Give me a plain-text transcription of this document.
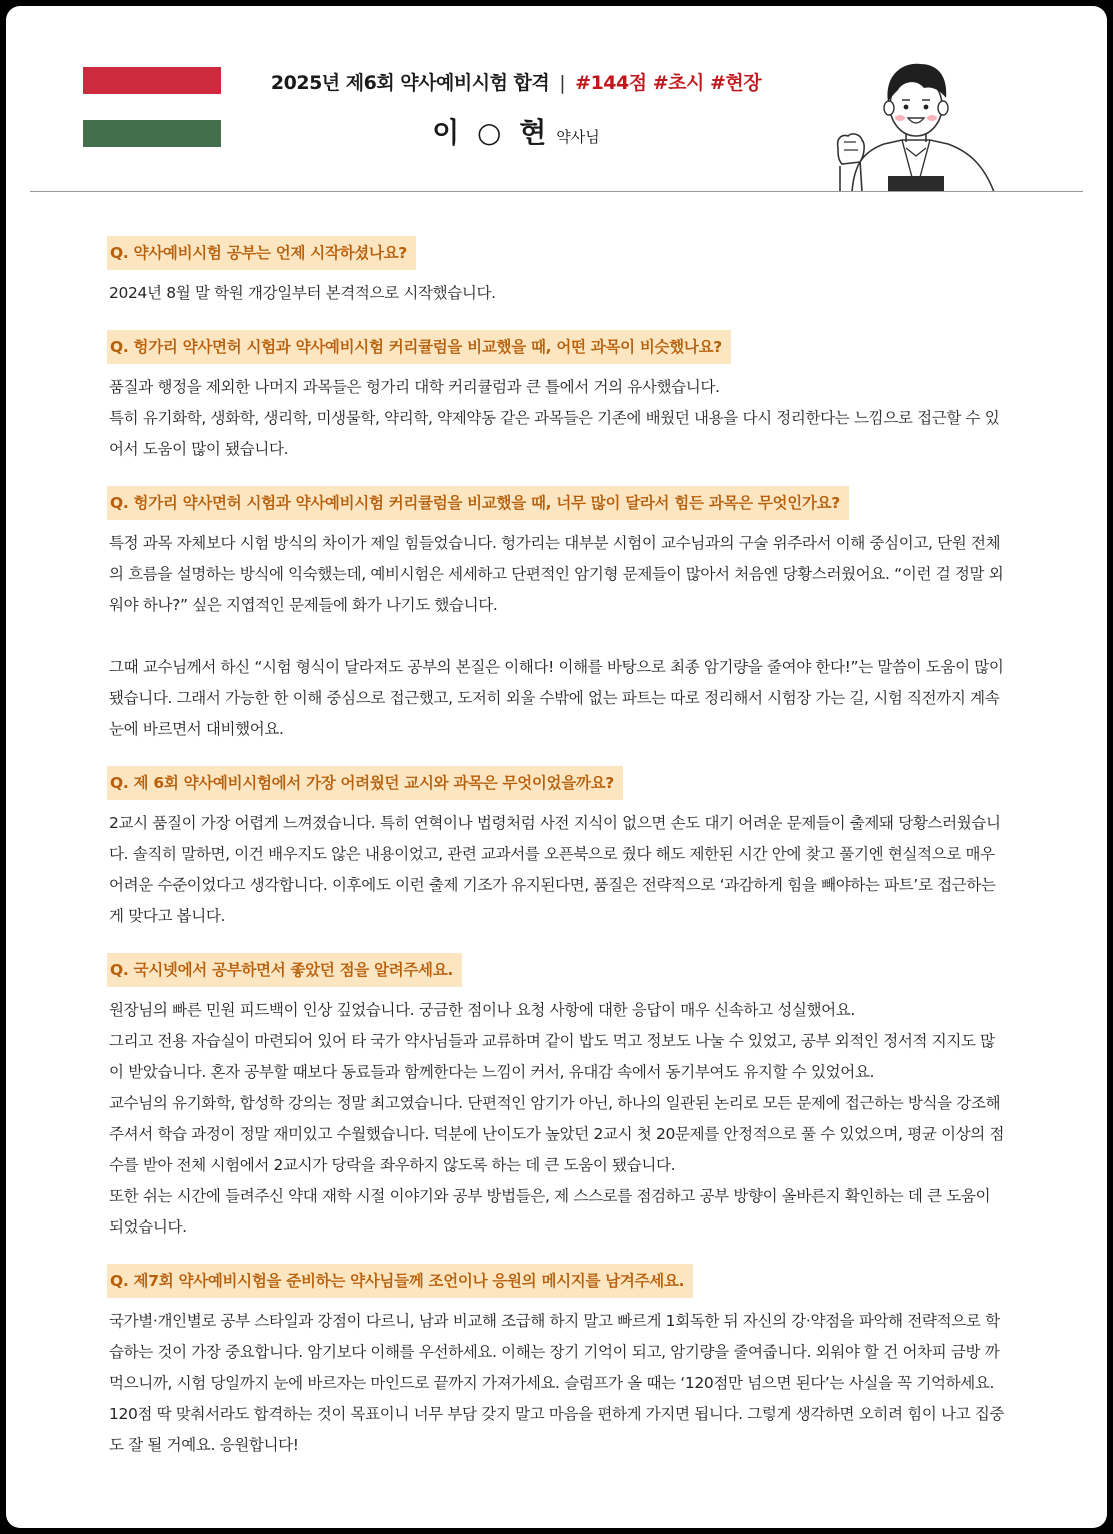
2025년 제6회 약사예비시험 합격 | #144점 #초시 #현장
이 ○ 현 약사님
Q. 약사예비시험 공부는 언제 시작하셨나요?

2024년 8월 말 학원 개강일부터 본격적으로 시작했습니다.

Q. 헝가리 약사면허 시험과 약사예비시험 커리큘럼을 비교했을 때, 어떤 과목이 비슷했나요?

품질과 행정을 제외한 나머지 과목들은 헝가리 대학 커리큘럼과 큰 틀에서 거의 유사했습니다.

특히 유기화학, 생화학, 생리학, 미생물학, 약리학, 약제약동 같은 과목들은 기존에 배웠던 내용을 다시 정리한다는 느낌으로 접근할 수 있어서 도움이 많이 됐습니다.

Q. 헝가리 약사면허 시험과 약사예비시험 커리큘럼을 비교했을 때, 너무 많이 달라서 힘든 과목은 무엇인가요?

특정 과목 자체보다 시험 방식의 차이가 제일 힘들었습니다. 헝가리는 대부분 시험이 교수님과의 구술 위주라서 이해 중심이고, 단원 전체의 흐름을 설명하는 방식에 익숙했는데, 예비시험은 세세하고 단편적인 암기형 문제들이 많아서 처음엔 당황스러웠어요. “이런 걸 정말 외워야 하나?” 싶은 지엽적인 문제들에 화가 나기도 했습니다.

그때 교수님께서 하신 “시험 형식이 달라져도 공부의 본질은 이해다! 이해를 바탕으로 최종 암기량을 줄여야 한다!”는 말씀이 도움이 많이 됐습니다. 그래서 가능한 한 이해 중심으로 접근했고, 도저히 외울 수밖에 없는 파트는 따로 정리해서 시험장 가는 길, 시험 직전까지 계속 눈에 바르면서 대비했어요.

Q. 제 6회 약사예비시험에서 가장 어려웠던 교시와 과목은 무엇이었을까요?

2교시 품질이 가장 어렵게 느껴졌습니다. 특히 연혁이나 법령처럼 사전 지식이 없으면 손도 대기 어려운 문제들이 출제돼 당황스러웠습니다. 솔직히 말하면, 이건 배우지도 않은 내용이었고, 관련 교과서를 오픈북으로 줬다 해도 제한된 시간 안에 찾고 풀기엔 현실적으로 매우 어려운 수준이었다고 생각합니다. 이후에도 이런 출제 기조가 유지된다면, 품질은 전략적으로 ‘과감하게 힘을 빼야하는 파트’로 접근하는 게 맞다고 봅니다.

Q. 국시넷에서 공부하면서 좋았던 점을 알려주세요.

원장님의 빠른 민원 피드백이 인상 깊었습니다. 궁금한 점이나 요청 사항에 대한 응답이 매우 신속하고 성실했어요.

그리고 전용 자습실이 마련되어 있어 타 국가 약사님들과 교류하며 같이 밥도 먹고 정보도 나눌 수 있었고, 공부 외적인 정서적 지지도 많이 받았습니다. 혼자 공부할 때보다 동료들과 함께한다는 느낌이 커서, 유대감 속에서 동기부여도 유지할 수 있었어요.

교수님의 유기화학, 합성학 강의는 정말 최고였습니다. 단편적인 암기가 아닌, 하나의 일관된 논리로 모든 문제에 접근하는 방식을 강조해 주셔서 학습 과정이 정말 재미있고 수월했습니다. 덕분에 난이도가 높았던 2교시 첫 20문제를 안정적으로 풀 수 있었으며, 평균 이상의 점수를 받아 전체 시험에서 2교시가 당락을 좌우하지 않도록 하는 데 큰 도움이 됐습니다.

또한 쉬는 시간에 들려주신 약대 재학 시절 이야기와 공부 방법들은, 제 스스로를 점검하고 공부 방향이 올바른지 확인하는 데 큰 도움이 되었습니다.

Q. 제7회 약사예비시험을 준비하는 약사님들께 조언이나 응원의 메시지를 남겨주세요.

국가별·개인별로 공부 스타일과 강점이 다르니, 남과 비교해 조급해 하지 말고 빠르게 1회독한 뒤 자신의 강·약점을 파악해 전략적으로 학습하는 것이 가장 중요합니다. 암기보다 이해를 우선하세요. 이해는 장기 기억이 되고, 암기량을 줄여줍니다. 외워야 할 건 어차피 금방 까먹으니까, 시험 당일까지 눈에 바르자는 마인드로 끝까지 가져가세요. 슬럼프가 올 때는 ‘120점만 넘으면 된다’는 사실을 꼭 기억하세요. 120점 딱 맞춰서라도 합격하는 것이 목표이니 너무 부담 갖지 말고 마음을 편하게 가지면 됩니다. 그렇게 생각하면 오히려 힘이 나고 집중도 잘 될 거예요. 응원합니다!
